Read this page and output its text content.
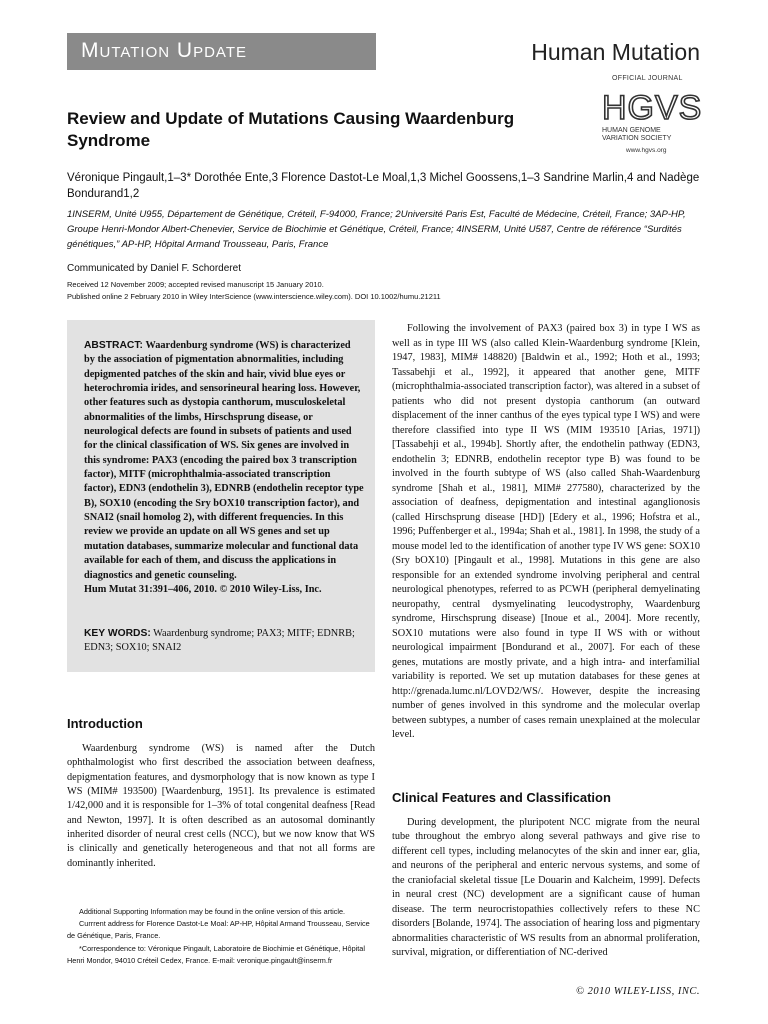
Mutation Update	Human Mutation
OFFICIAL JOURNAL
HGVS
HUMAN GENOME
VARIATION SOCIETY
www.hgvs.org
Review and Update of Mutations Causing Waardenburg Syndrome
Véronique Pingault,1–3* Dorothée Ente,3 Florence Dastot-Le Moal,1,3 Michel Goossens,1–3 Sandrine Marlin,4 and Nadège Bondurand1,2
1INSERM, Unité U955, Département de Génétique, Créteil, F-94000, France; 2Université Paris Est, Faculté de Médecine, Créteil, France; 3AP-HP, Groupe Henri-Mondor Albert-Chenevier, Service de Biochimie et Génétique, Créteil, France; 4INSERM, Unité U587, Centre de référence “Surdités génétiques,” AP-HP, Hôpital Armand Trousseau, Paris, France
Communicated by Daniel F. Schorderet
Received 12 November 2009; accepted revised manuscript 15 January 2010.
Published online 2 February 2010 in Wiley InterScience (www.interscience.wiley.com). DOI 10.1002/humu.21211
ABSTRACT: Waardenburg syndrome (WS) is characterized by the association of pigmentation abnormalities, including depigmented patches of the skin and hair, vivid blue eyes or heterochromia irides, and sensorineural hearing loss. However, other features such as dystopia canthorum, musculoskeletal abnormalities of the limbs, Hirschsprung disease, or neurological defects are found in subsets of patients and used for the clinical classification of WS. Six genes are involved in this syndrome: PAX3 (encoding the paired box 3 transcription factor), MITF (microphthalmia-associated transcription factor), EDN3 (endothelin 3), EDNRB (endothelin receptor type B), SOX10 (encoding the Sry bOX10 transcription factor), and SNAI2 (snail homolog 2), with different frequencies. In this review we provide an update on all WS genes and set up mutation databases, summarize molecular and functional data available for each of them, and discuss the applications in diagnostics and genetic counseling.
Hum Mutat 31:391–406, 2010. © 2010 Wiley-Liss, Inc.
KEY WORDS: Waardenburg syndrome; PAX3; MITF; EDNRB; EDN3; SOX10; SNAI2
Introduction

Waardenburg syndrome (WS) is named after the Dutch ophthalmologist who first described the association between deafness, depigmentation features, and dysmorphology that is now known as type I WS (MIM# 193500) [Waardenburg, 1951]. Its prevalence is estimated 1/42,000 and it is responsible for 1–3% of total congenital deafness [Read and Newton, 1997]. It is often described as an autosomal dominantly inherited disorder of neural crest cells (NCC), but we now know that WS is clinically and genetically heterogeneous and that not all forms are dominantly inherited.

Additional Supporting Information may be found in the online version of this article.

Currrent address for Florence Dastot-Le Moal: AP-HP, Hôpital Armand Trousseau, Service de Génétique, Paris, France.

*Correspondence to: Véronique Pingault, Laboratoire de Biochimie et Génétique, Hôpital Henri Mondor, 94010 Créteil Cedex, France. E-mail: veronique.pingault@inserm.fr

Following the involvement of PAX3 (paired box 3) in type I WS as well as in type III WS (also called Klein-Waardenburg syndrome [Klein, 1947, 1983], MIM# 148820) [Baldwin et al., 1992; Hoth et al., 1993; Tassabehji et al., 1992], it appeared that another gene, MITF (microphthalmia-associated transcription factor), was altered in a subset of patients who did not present dystopia canthorum (an outward displacement of the inner canthus of the eyes typical type I WS) and were therefore classified into type II WS (MIM 193510 [Arias, 1971]) [Tassabehji et al., 1994b]. Shortly after, the endothelin pathway (EDN3, endothelin 3; EDNRB, endothelin receptor type B) was found to be involved in the fourth subtype of WS (also called Shah-Waardenburg syndrome [Shah et al., 1981], MIM# 277580), characterized by the association of deafness, depigmentation and intestinal aganglionosis (called Hirschsprung disease [HD]) [Edery et al., 1996; Hofstra et al., 1996; Puffenberger et al., 1994a; Shah et al., 1981]. In 1998, the study of a mouse model led to the identification of another type IV WS gene: SOX10 (Sry bOX10) [Pingault et al., 1998]. Mutations in this gene are also responsible for an extended syndrome involving peripheral and central neurological phenotypes, referred to as PCWH (peripheral demyelinating neuropathy, central dysmyelinating leucodystrophy, Waardenburg syndrome, Hirschsprung disease) [Inoue et al., 2004]. More recently, SOX10 mutations were also found in type II WS with or without neurological impairment [Bondurand et al., 2007]. For each of these genes, mutations are mostly private, and a high intra- and interfamilial variability is reported. We set up mutation databases for these genes at http://grenada.lumc.nl/LOVD2/WS/. However, despite the increasing number of genes involved in this syndrome and the molecular overlap between subtypes, a number of cases remain unexplained at the molecular level.

Clinical Features and Classification

During development, the pluripotent NCC migrate from the neural tube throughout the embryo along several pathways and give rise to different cell types, including melanocytes of the skin and inner ear, glia, and neurons of the peripheral and enteric nervous systems, and some of the craniofacial skeletal tissue [Le Douarin and Kalcheim, 1999]. Defects in neural crest (NC) development are a significant cause of human disease. The term neurocristopathies collectively refers to these NC disorders [Bolande, 1974]. The association of hearing loss and pigmentary abnormalities characteristic of WS results from an abnormal proliferation, survival, migration, or differentiation of NC-derived

© 2010 WILEY-LISS, INC.
